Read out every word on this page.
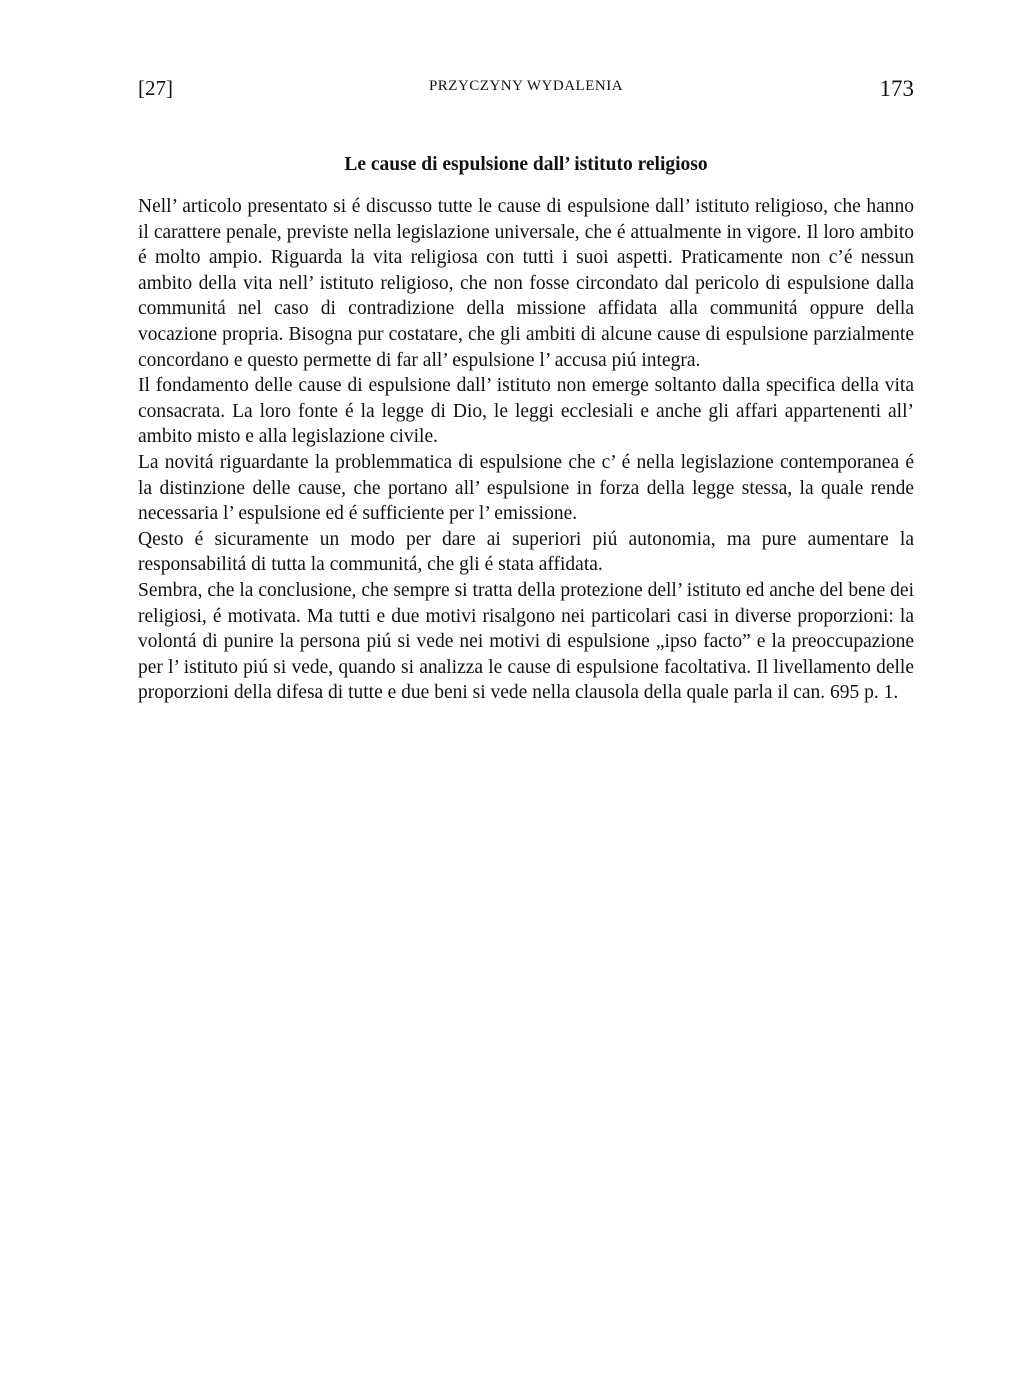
[27]	PRZYCZYNY WYDALENIA	173
Le cause di espulsione dall’ istituto religioso

Nell’ articolo presentato si é discusso tutte le cause di espulsione dall’ istituto religioso, che hanno il carattere penale, previste nella legislazione universale, che é attualmente in vigore. Il loro ambito é molto ampio. Riguarda la vita religiosa con tutti i suoi aspetti. Praticamente non c’é nessun ambito della vita nell’ istituto religioso, che non fosse circondato dal pericolo di espulsione dalla communitá nel caso di contradizione della missione affidata alla communitá oppure della vocazione propria. Bisogna pur costatare, che gli ambiti di alcune cause di espulsione parzialmente concordano e questo permette di far all’ espulsione l’ accusa piú integra.

Il fondamento delle cause di espulsione dall’ istituto non emerge soltanto dalla specifica della vita consacrata. La loro fonte é la legge di Dio, le leggi ecclesiali e anche gli affari appartenenti all’ ambito misto e alla legislazione civile.

La novitá riguardante la problemmatica di espulsione che c’ é nella legislazione contemporanea é la distinzione delle cause, che portano all’ espulsione in forza della legge stessa, la quale rende necessaria l’ espulsione ed é sufficiente per l’ emissione.

Qesto é sicuramente un modo per dare ai superiori piú autonomia, ma pure aumentare la responsabilitá di tutta la communitá, che gli é stata affidata.

Sembra, che la conclusione, che sempre si tratta della protezione dell’ istituto ed anche del bene dei religiosi, é motivata. Ma tutti e due motivi risalgono nei particolari casi in diverse proporzioni: la volontá di punire la persona piú si vede nei motivi di espulsione „ipso facto” e la preoccupazione per l’ istituto piú si vede, quando si analizza le cause di espulsione facoltativa. Il livellamento delle proporzioni della difesa di tutte e due beni si vede nella clausola della quale parla il can. 695 p. 1.
